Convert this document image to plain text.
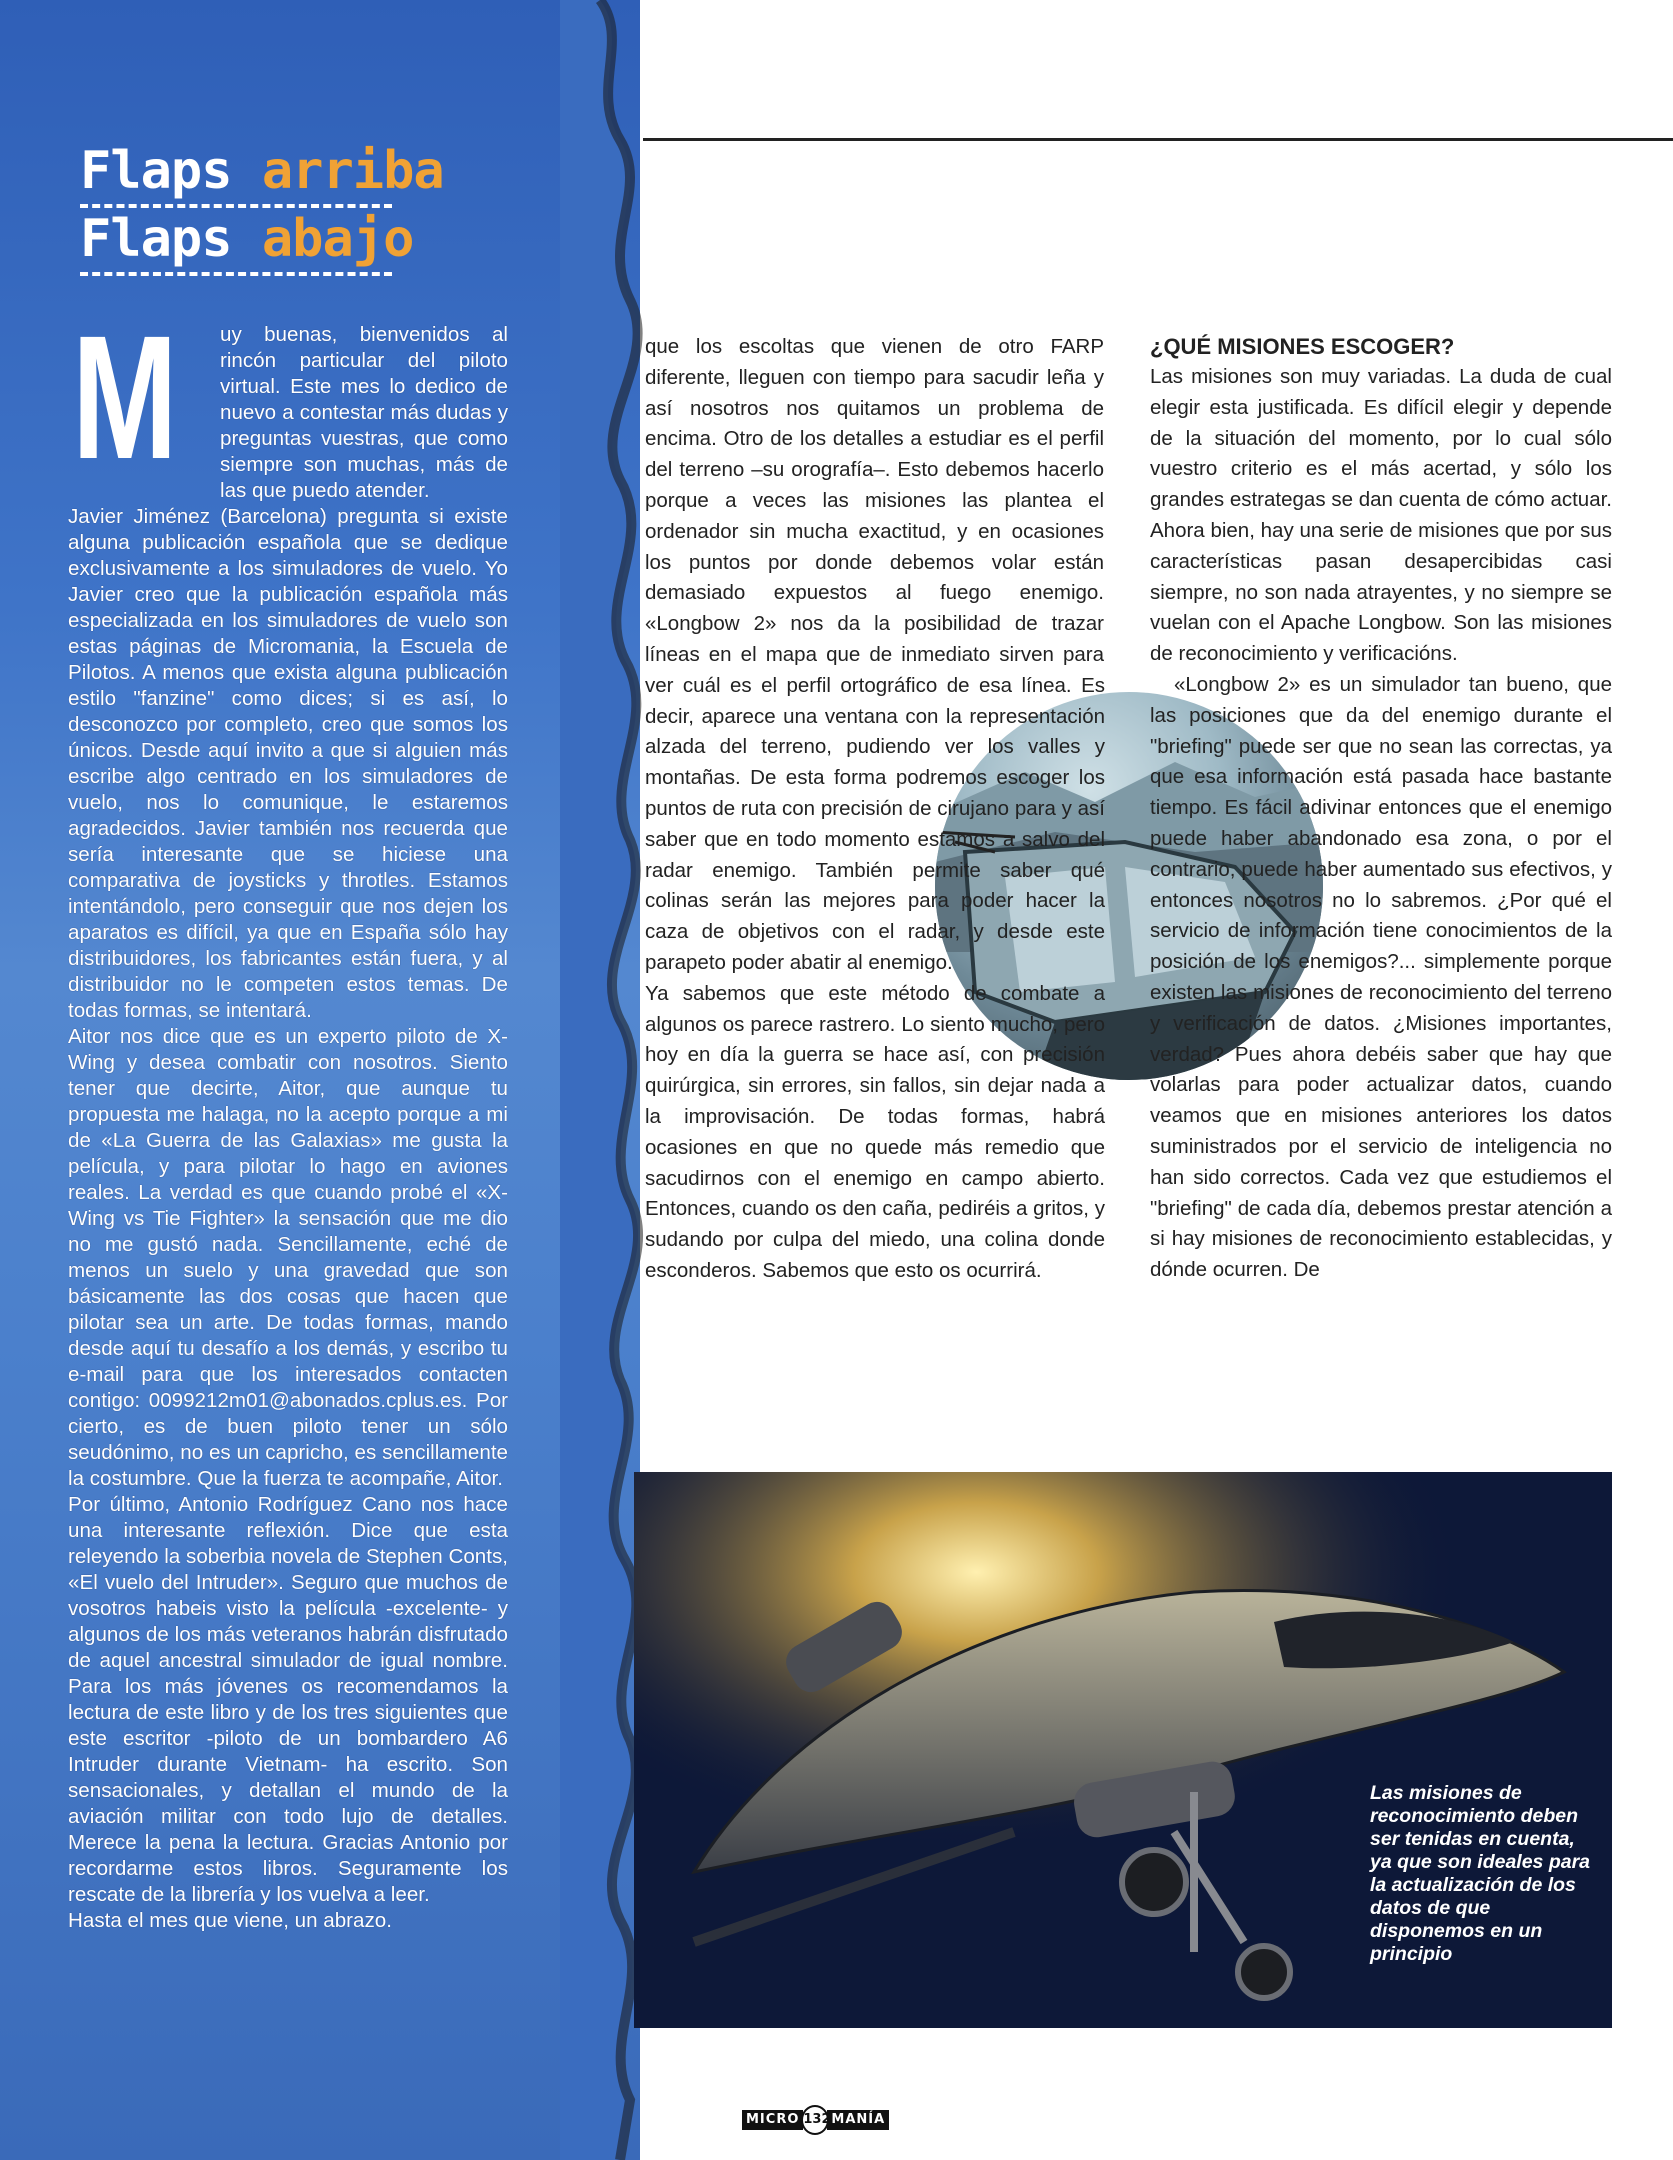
Flaps arriba
Flaps abajo
M	uy buenas, bienvenidos al rincón particular del piloto virtual. Este mes lo dedico de nuevo a contestar más dudas y preguntas vuestras, que como siempre son muchas, más de las que puedo atender.

Javier Jiménez (Barcelona) pregunta si existe alguna publicación española que se dedique exclusivamente a los simuladores de vuelo. Yo Javier creo que la publicación española más especializada en los simuladores de vuelo son estas páginas de Micromania, la Escuela de Pilotos. A menos que exista alguna publicación estilo "fanzine" como dices; si es así, lo desconozco por completo, creo que somos los únicos. Desde aquí invito a que si alguien más escribe algo centrado en los simuladores de vuelo, nos lo comunique, le estaremos agradecidos. Javier también nos recuerda que sería interesante que se hiciese una comparativa de joysticks y throtles. Estamos intentándolo, pero conseguir que nos dejen los aparatos es difícil, ya que en España sólo hay distribuidores, los fabricantes están fuera, y al distribuidor no le competen estos temas. De todas formas, se intentará.

Aitor nos dice que es un experto piloto de X-Wing y desea combatir con nosotros. Siento tener que decirte, Aitor, que aunque tu propuesta me halaga, no la acepto porque a mi de «La Guerra de las Galaxias» me gusta la película, y para pilotar lo hago en aviones reales. La verdad es que cuando probé el «X-Wing vs Tie Fighter» la sensación que me dio no me gustó nada. Sencillamente, eché de menos un suelo y una gravedad que son básicamente las dos cosas que hacen que pilotar sea un arte. De todas formas, mando desde aquí tu desafío a los demás, y escribo tu e-mail para que los interesados contacten contigo: 0099212m01@abonados.cplus.es. Por cierto, es de buen piloto tener un sólo seudónimo, no es un capricho, es sencillamente la costumbre. Que la fuerza te acompañe, Aitor.

Por último, Antonio Rodríguez Cano nos hace una interesante reflexión. Dice que esta releyendo la soberbia novela de Stephen Conts, «El vuelo del Intruder». Seguro que muchos de vosotros habeis visto la película -excelente- y algunos de los más veteranos habrán disfrutado de aquel ancestral simulador de igual nombre. Para los más jóvenes os recomendamos la lectura de este libro y de los tres siguientes que este escritor -piloto de un bombardero A6 Intruder durante Vietnam- ha escrito. Son sensacionales, y detallan el mundo de la aviación militar con todo lujo de detalles. Merece la pena la lectura. Gracias Antonio por recordarme estos libros. Seguramente los rescate de la librería y los vuelva a leer.

Hasta el mes que viene, un abrazo.

que los escoltas que vienen de otro FARP diferente, lleguen con tiempo para sacudir leña y así nosotros nos quitamos un problema de encima. Otro de los detalles a estudiar es el perfil del terreno –su orografía–. Esto debemos hacerlo porque a veces las misiones las plantea el ordenador sin mucha exactitud, y en ocasiones los puntos por donde debemos volar están demasiado expuestos al fuego enemigo. «Longbow 2» nos da la posibilidad de trazar líneas en el mapa que de inmediato sirven para ver cuál es el perfil ortográfico de esa línea. Es decir, aparece una ventana con la representación alzada del terreno, pudiendo ver los valles y montañas. De esta forma podremos escoger los puntos de ruta con precisión de cirujano para y así saber que en todo momento estamos a salvo del radar enemigo. También permite saber qué colinas serán las mejores para poder hacer la caza de objetivos con el radar, y desde este parapeto poder abatir al enemigo.

Ya sabemos que este método de combate a algunos os parece rastrero. Lo siento mucho, pero hoy en día la guerra se hace así, con precisión quirúrgica, sin errores, sin fallos, sin dejar nada a la improvisación. De todas formas, habrá ocasiones en que no quede más remedio que sacudirnos con el enemigo en campo abierto. Entonces, cuando os den caña, pediréis a gritos, y sudando por culpa del miedo, una colina donde esconderos. Sabemos que esto os ocurrirá.

¿QUÉ MISIONES ESCOGER?

Las misiones son muy variadas. La duda de cual elegir esta justificada. Es difícil elegir y depende de la situación del momento, por lo cual sólo vuestro criterio es el más acertad, y sólo los grandes estrategas se dan cuenta de cómo actuar. Ahora bien, hay una serie de misiones que por sus características pasan desapercibidas casi siempre, no son nada atrayentes, y no siempre se vuelan con el Apache Longbow. Son las misiones de reconocimiento y verificacións.

«Longbow 2» es un simulador tan bueno, que las posiciones que da del enemigo durante el "briefing" puede ser que no sean las correctas, ya que esa información está pasada hace bastante tiempo. Es fácil adivinar entonces que el enemigo puede haber abandonado esa zona, o por el contrario, puede haber aumentado sus efectivos, y entonces nosotros no lo sabremos. ¿Por qué el servicio de información tiene conocimientos de la posición de los enemigos?... simplemente porque existen las misiones de reconocimiento del terreno y verificación de datos. ¿Misiones importantes, verdad? Pues ahora debéis saber que hay que volarlas para poder actualizar datos, cuando veamos que en misiones anteriores los datos suministrados por el servicio de inteligencia no han sido correctos. Cada vez que estudiemos el "briefing" de cada día, debemos prestar atención a si hay misiones de reconocimiento establecidas, y dónde ocurren. De

Las misiones de reconocimiento deben ser tenidas en cuenta, ya que son ideales para la actualización de los datos de que disponemos en un principio
MICRO 132 MANÍA
